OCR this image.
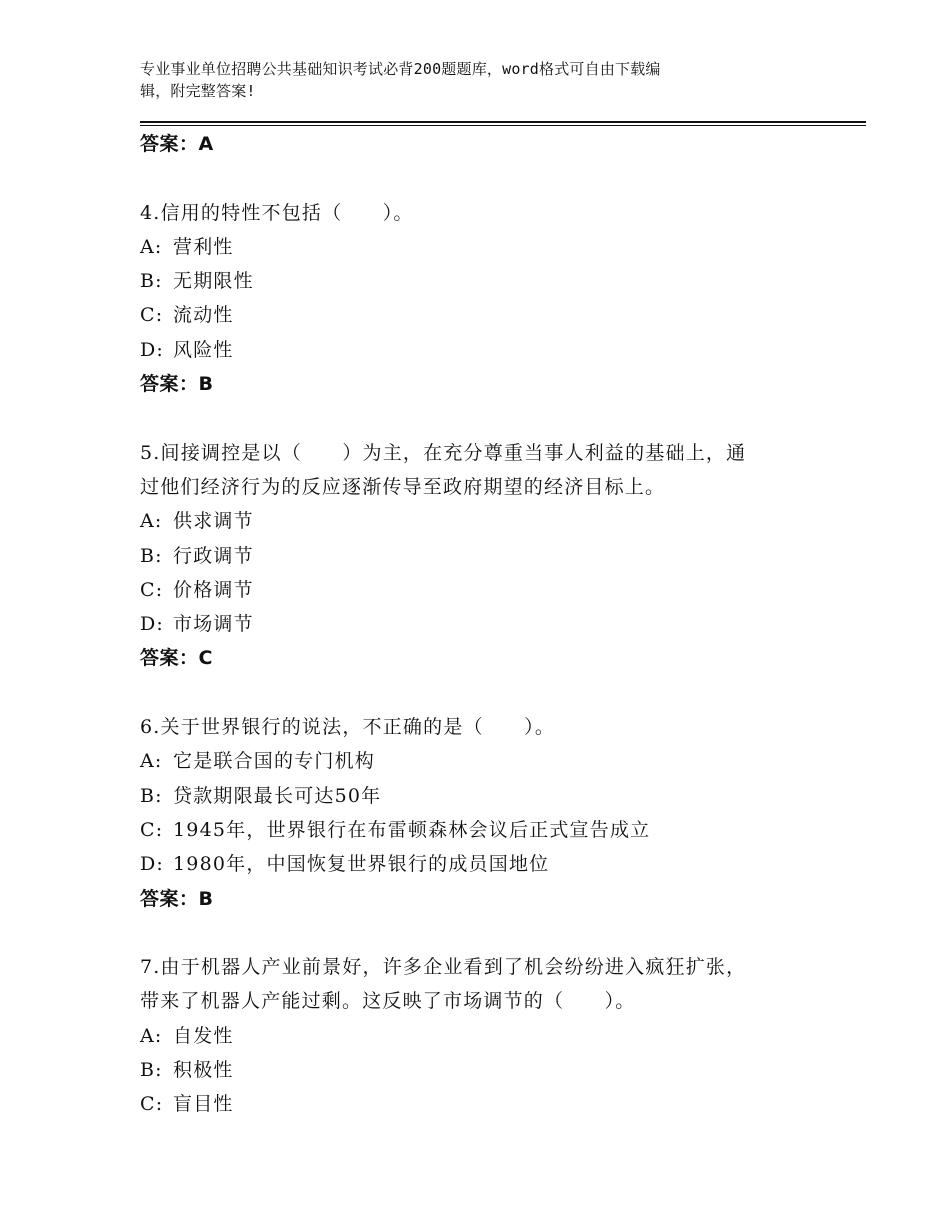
专业事业单位招聘公共基础知识考试必背200题题库，word格式可自由下载编
辑，附完整答案!
答案：A
4.信用的特性不包括（　　）。
A: 营利性
B: 无期限性
C: 流动性
D: 风险性
答案：B
5.间接调控是以（　　）为主，在充分尊重当事人利益的基础上，通
过他们经济行为的反应逐渐传导至政府期望的经济目标上。
A: 供求调节
B: 行政调节
C: 价格调节
D: 市场调节
答案：C
6.关于世界银行的说法，不正确的是（　　）。
A: 它是联合国的专门机构
B: 贷款期限最长可达50年
C: 1945年，世界银行在布雷顿森林会议后正式宣告成立
D: 1980年，中国恢复世界银行的成员国地位
答案：B
7.由于机器人产业前景好，许多企业看到了机会纷纷进入疯狂扩张，
带来了机器人产能过剩。这反映了市场调节的（　　）。
A: 自发性
B: 积极性
C: 盲目性
